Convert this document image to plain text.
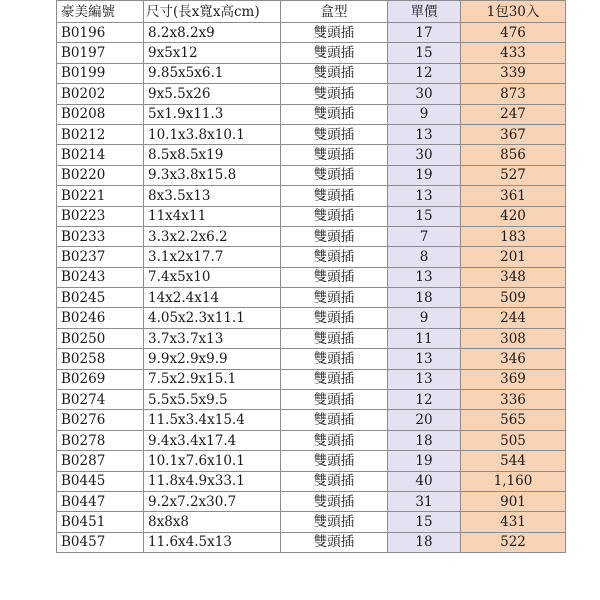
豪美編號	尺寸(長x寬x高cm)	盒型	單價	1包30入
B0196	8.2x8.2x9	雙頭插	17	476
B0197	9x5x12	雙頭插	15	433
B0199	9.85x5x6.1	雙頭插	12	339
B0202	9x5.5x26	雙頭插	30	873
B0208	5x1.9x11.3	雙頭插	9	247
B0212	10.1x3.8x10.1	雙頭插	13	367
B0214	8.5x8.5x19	雙頭插	30	856
B0220	9.3x3.8x15.8	雙頭插	19	527
B0221	8x3.5x13	雙頭插	13	361
B0223	11x4x11	雙頭插	15	420
B0233	3.3x2.2x6.2	雙頭插	7	183
B0237	3.1x2x17.7	雙頭插	8	201
B0243	7.4x5x10	雙頭插	13	348
B0245	14x2.4x14	雙頭插	18	509
B0246	4.05x2.3x11.1	雙頭插	9	244
B0250	3.7x3.7x13	雙頭插	11	308
B0258	9.9x2.9x9.9	雙頭插	13	346
B0269	7.5x2.9x15.1	雙頭插	13	369
B0274	5.5x5.5x9.5	雙頭插	12	336
B0276	11.5x3.4x15.4	雙頭插	20	565
B0278	9.4x3.4x17.4	雙頭插	18	505
B0287	10.1x7.6x10.1	雙頭插	19	544
B0445	11.8x4.9x33.1	雙頭插	40	1,160
B0447	9.2x7.2x30.7	雙頭插	31	901
B0451	8x8x8	雙頭插	15	431
B0457	11.6x4.5x13	雙頭插	18	522
